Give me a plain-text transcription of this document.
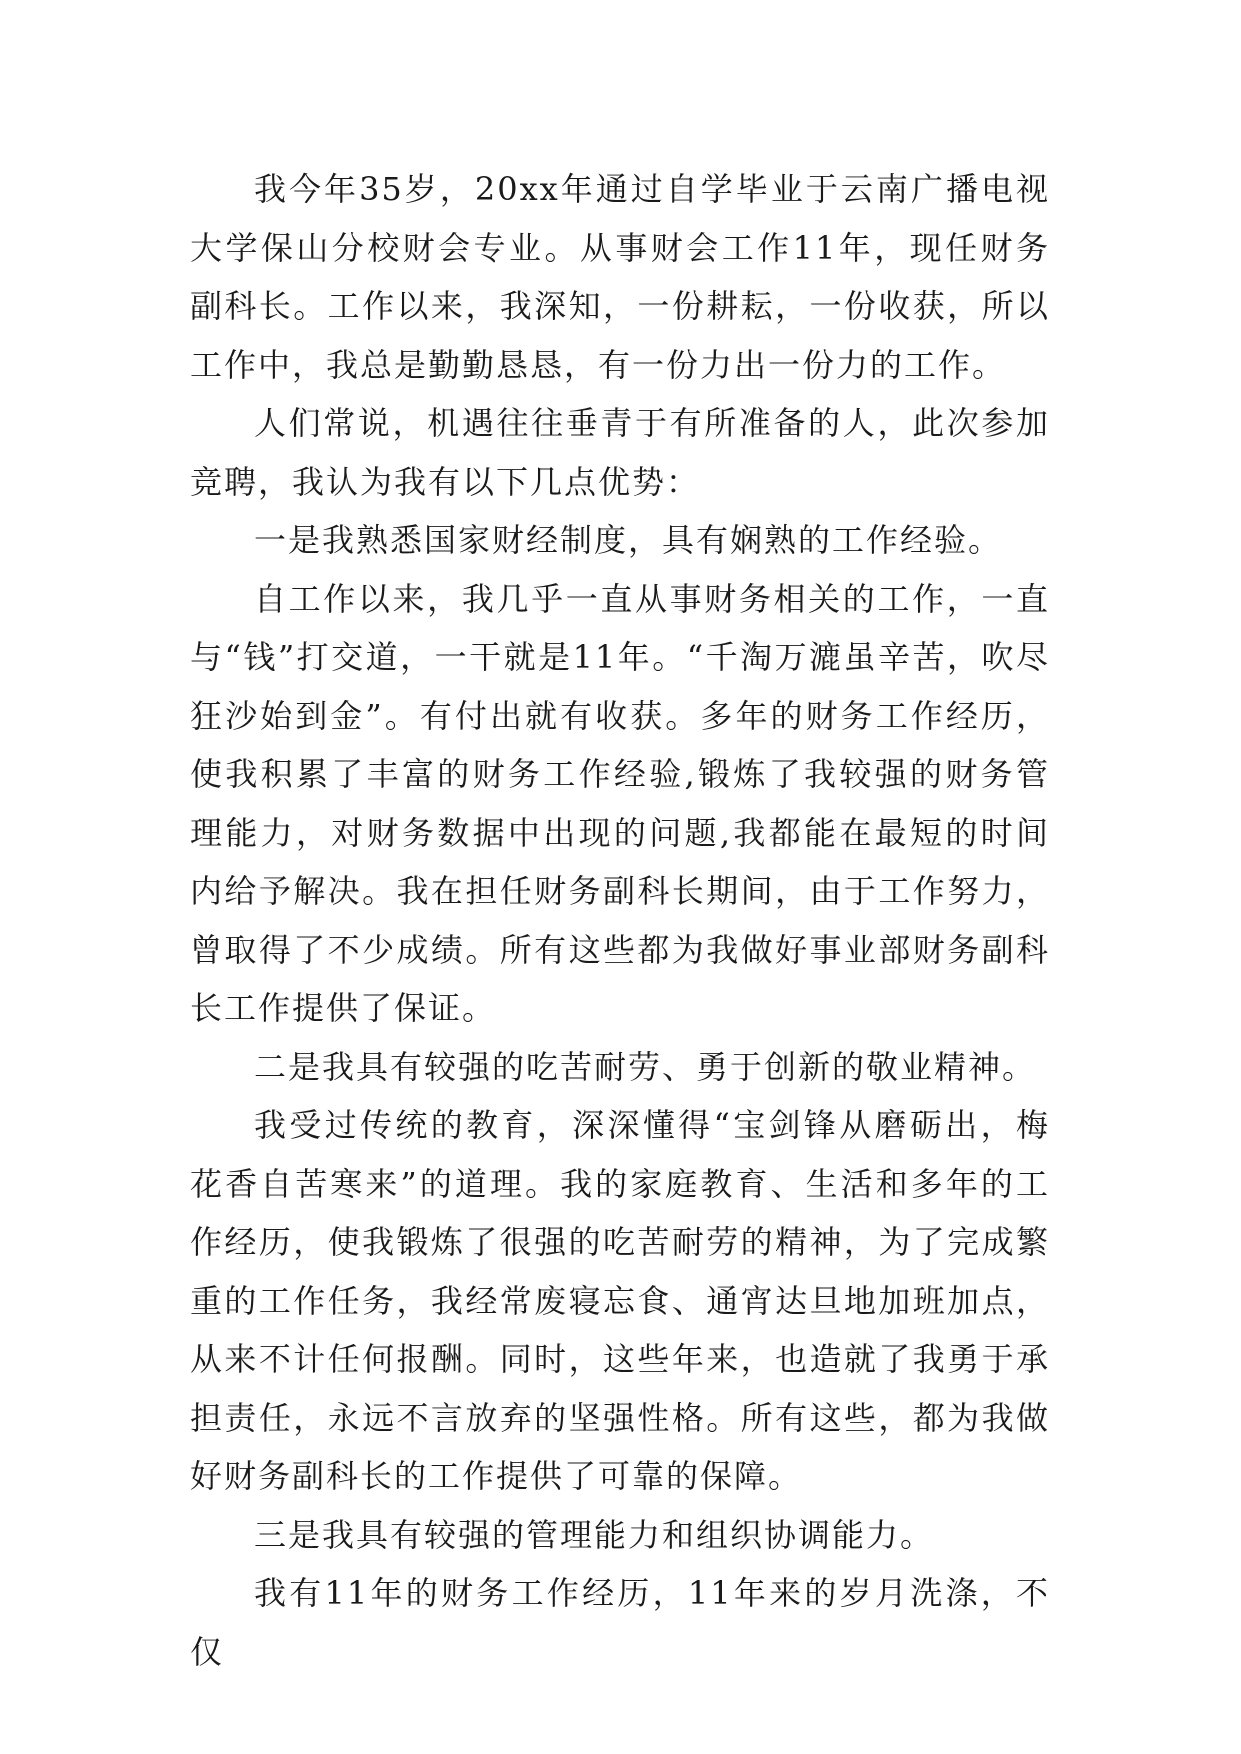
我今年35岁，20xx年通过自学毕业于云南广播电视大学保山分校财会专业。从事财会工作11年，现任财务副科长。工作以来，我深知，一份耕耘，一份收获，所以工作中，我总是勤勤恳恳，有一份力出一份力的工作。

人们常说，机遇往往垂青于有所准备的人，此次参加竞聘，我认为我有以下几点优势：

一是我熟悉国家财经制度，具有娴熟的工作经验。

自工作以来，我几乎一直从事财务相关的工作，一直与“钱”打交道，一干就是11年。“千淘万漉虽辛苦，吹尽狂沙始到金”。有付出就有收获。多年的财务工作经历，使我积累了丰富的财务工作经验,锻炼了我较强的财务管理能力，对财务数据中出现的问题,我都能在最短的时间内给予解决。我在担任财务副科长期间，由于工作努力，曾取得了不少成绩。所有这些都为我做好事业部财务副科长工作提供了保证。

二是我具有较强的吃苦耐劳、勇于创新的敬业精神。

我受过传统的教育，深深懂得“宝剑锋从磨砺出，梅花香自苦寒来”的道理。我的家庭教育、生活和多年的工作经历，使我锻炼了很强的吃苦耐劳的精神，为了完成繁重的工作任务，我经常废寝忘食、通宵达旦地加班加点，从来不计任何报酬。同时，这些年来，也造就了我勇于承担责任，永远不言放弃的坚强性格。所有这些，都为我做好财务副科长的工作提供了可靠的保障。

三是我具有较强的管理能力和组织协调能力。

我有11年的财务工作经历，11年来的岁月洗涤，不仅
